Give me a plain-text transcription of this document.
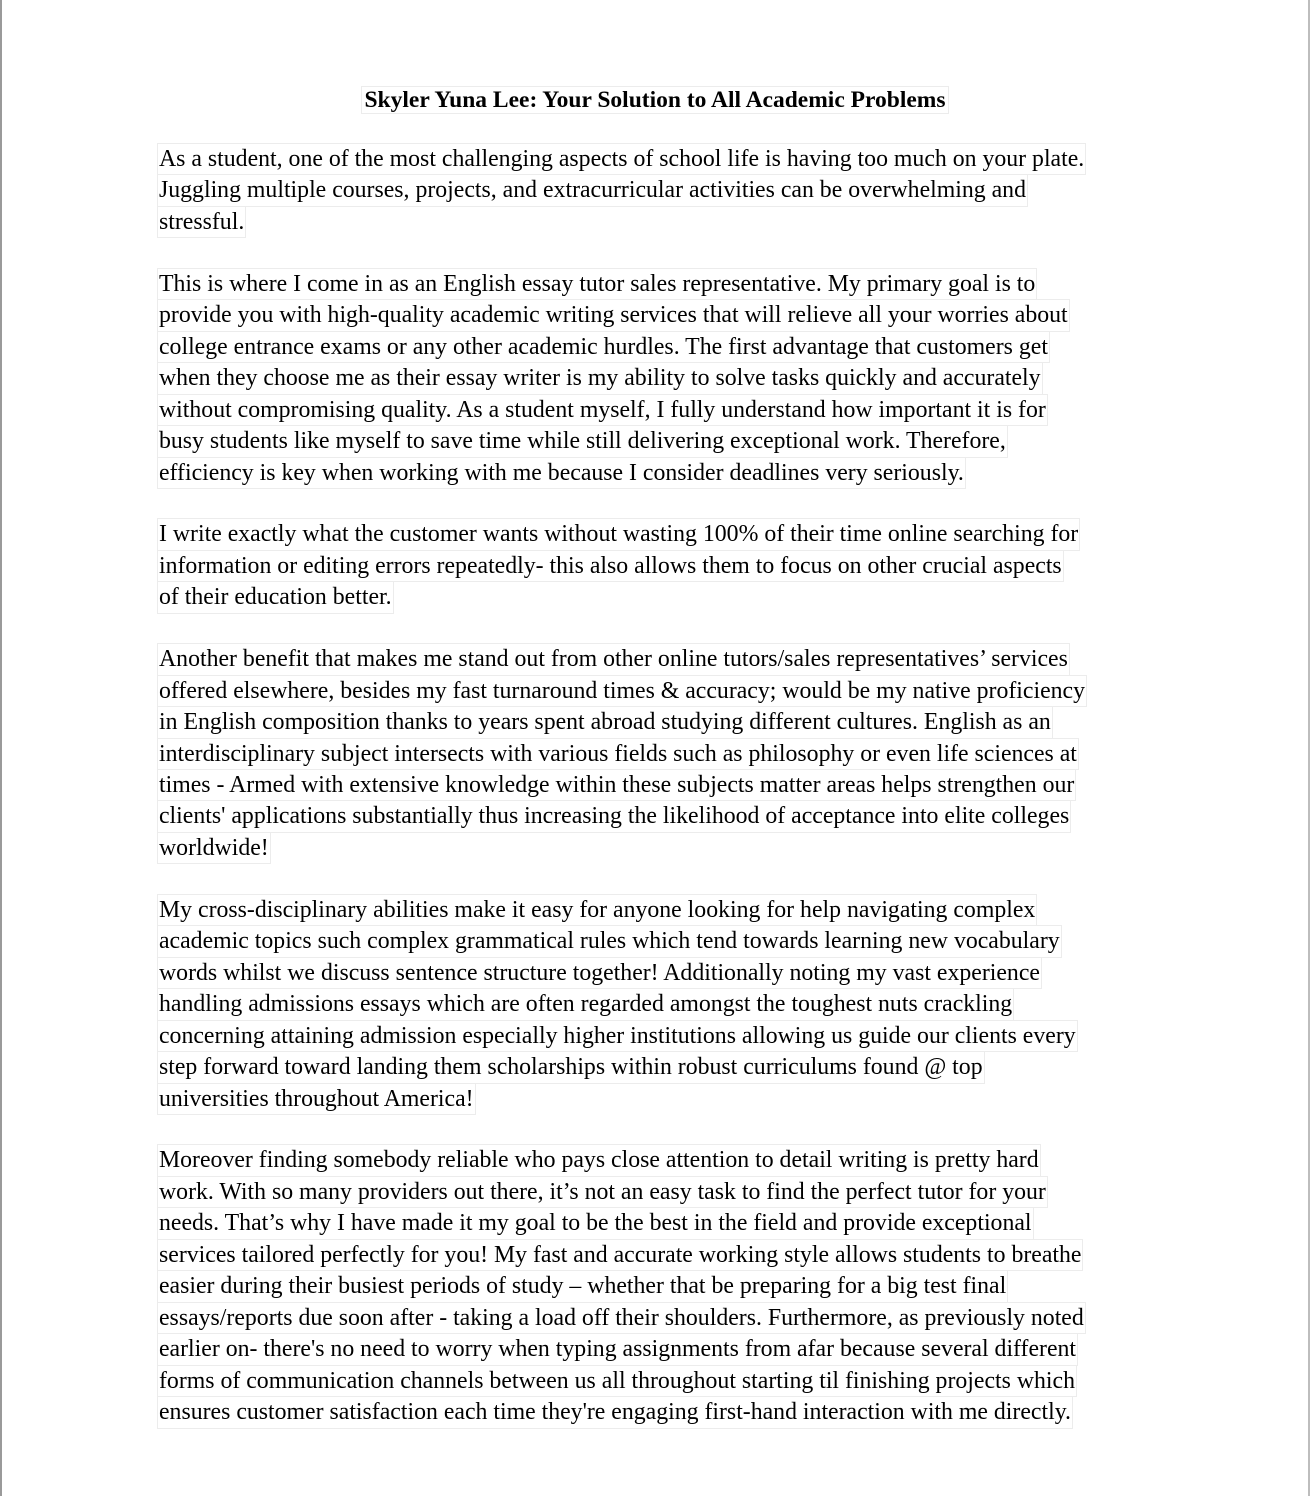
Skyler Yuna Lee: Your Solution to All Academic Problems
As a student, one of the most challenging aspects of school life is having too much on your plate.
Juggling multiple courses, projects, and extracurricular activities can be overwhelming and
stressful.
This is where I come in as an English essay tutor sales representative. My primary goal is to
provide you with high-quality academic writing services that will relieve all your worries about
college entrance exams or any other academic hurdles. The first advantage that customers get
when they choose me as their essay writer is my ability to solve tasks quickly and accurately
without compromising quality. As a student myself, I fully understand how important it is for
busy students like myself to save time while still delivering exceptional work. Therefore,
efficiency is key when working with me because I consider deadlines very seriously.
I write exactly what the customer wants without wasting 100% of their time online searching for
information or editing errors repeatedly- this also allows them to focus on other crucial aspects
of their education better.
Another benefit that makes me stand out from other online tutors/sales representatives’ services
offered elsewhere, besides my fast turnaround times & accuracy; would be my native proficiency
in English composition thanks to years spent abroad studying different cultures. English as an
interdisciplinary subject intersects with various fields such as philosophy or even life sciences at
times - Armed with extensive knowledge within these subjects matter areas helps strengthen our
clients' applications substantially thus increasing the likelihood of acceptance into elite colleges
worldwide!
My cross-disciplinary abilities make it easy for anyone looking for help navigating complex
academic topics such complex grammatical rules which tend towards learning new vocabulary
words whilst we discuss sentence structure together! Additionally noting my vast experience
handling admissions essays which are often regarded amongst the toughest nuts crackling
concerning attaining admission especially higher institutions allowing us guide our clients every
step forward toward landing them scholarships within robust curriculums found @ top
universities throughout America!
Moreover finding somebody reliable who pays close attention to detail writing is pretty hard
work. With so many providers out there, it’s not an easy task to find the perfect tutor for your
needs. That’s why I have made it my goal to be the best in the field and provide exceptional
services tailored perfectly for you! My fast and accurate working style allows students to breathe
easier during their busiest periods of study – whether that be preparing for a big test final
essays/reports due soon after - taking a load off their shoulders. Furthermore, as previously noted
earlier on- there's no need to worry when typing assignments from afar because several different
forms of communication channels between us all throughout starting til finishing projects which
ensures customer satisfaction each time they're engaging first-hand interaction with me directly.
